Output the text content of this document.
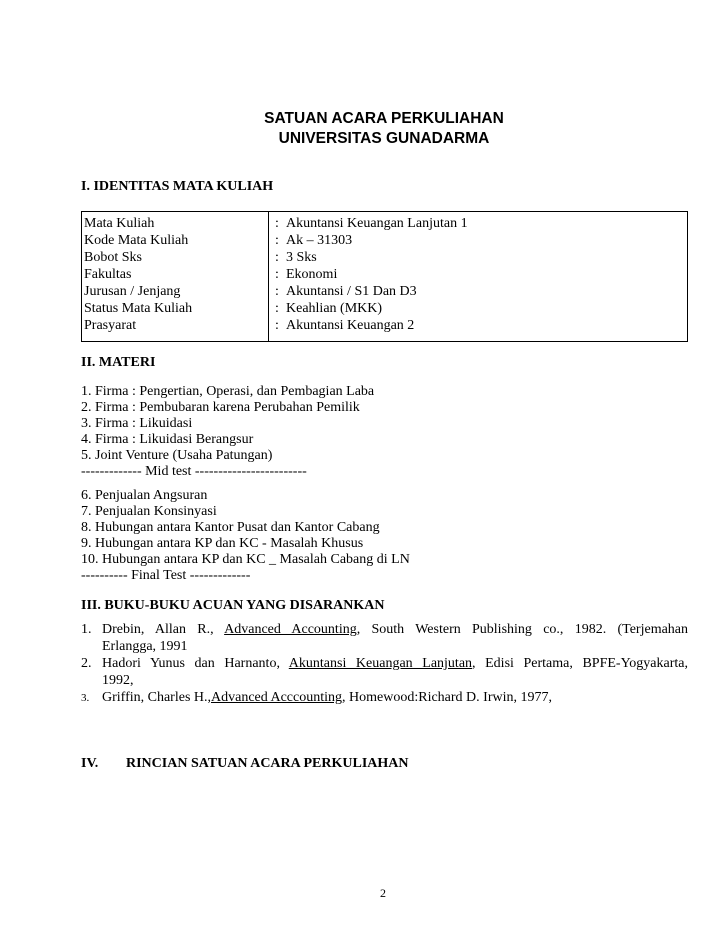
SATUAN ACARA PERKULIAHAN
UNIVERSITAS GUNADARMA
I. IDENTITAS MATA KULIAH
Mata Kuliah	: Akuntansi Keuangan Lanjutan 1
Kode Mata Kuliah	: Ak – 31303
Bobot Sks	: 3 Sks
Fakultas	: Ekonomi
Jurusan / Jenjang	: Akuntansi / S1 Dan D3
Status Mata Kuliah	: Keahlian (MKK)
Prasyarat	: Akuntansi Keuangan 2
II. MATERI
1. Firma : Pengertian, Operasi, dan Pembagian Laba
2. Firma : Pembubaran karena Perubahan Pemilik
3. Firma : Likuidasi
4. Firma : Likuidasi Berangsur
5. Joint Venture (Usaha Patungan)
------------- Mid test ------------------------
6. Penjualan Angsuran
7. Penjualan Konsinyasi
8. Hubungan antara Kantor Pusat dan Kantor Cabang
9. Hubungan antara KP dan KC - Masalah Khusus
10. Hubungan antara KP dan KC _ Masalah Cabang di LN
---------- Final Test -------------
III. BUKU-BUKU ACUAN YANG DISARANKAN
1. Drebin, Allan R., Advanced Accounting, South Western Publishing co., 1982. (Terjemahan
Erlangga, 1991
2. Hadori Yunus dan Harnanto, Akuntansi Keuangan Lanjutan, Edisi Pertama, BPFE-Yogyakarta,
1992,
3. Griffin, Charles H.,Advanced Acccounting, Homewood:Richard D. Irwin, 1977,
IV. RINCIAN SATUAN ACARA PERKULIAHAN
2
